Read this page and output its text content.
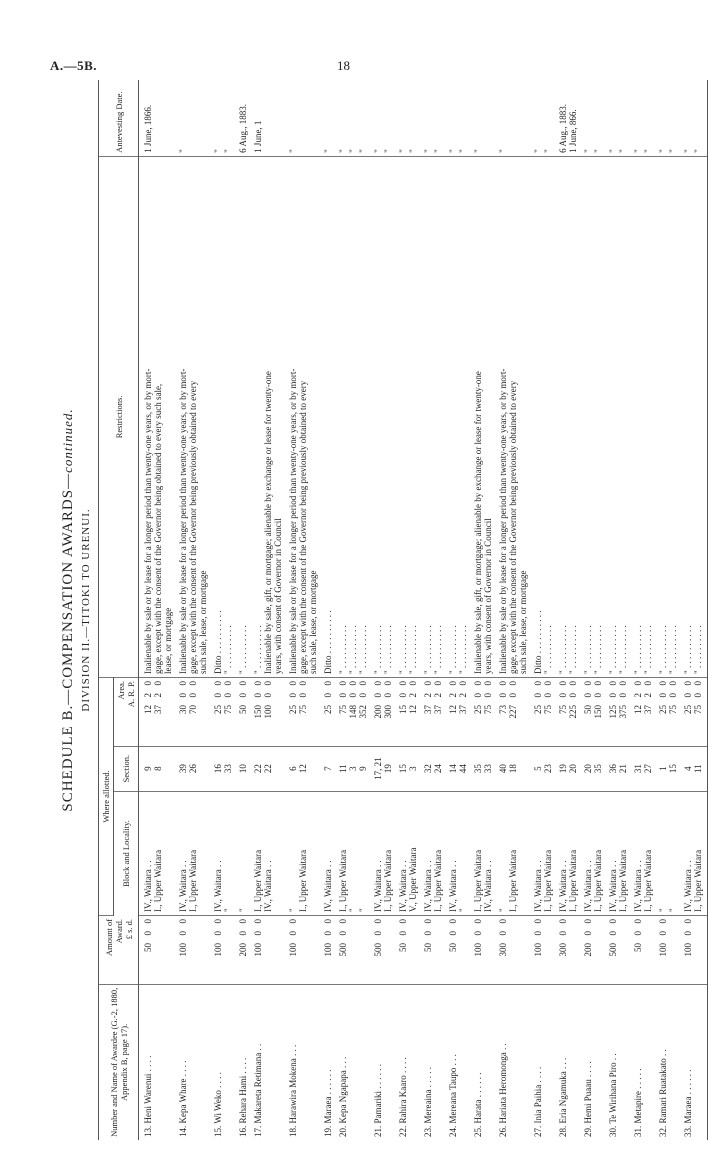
A.—5B.	18
SCHEDULE B.—COMPENSATION AWARDS—continued.
DIVISION II.—TITOKI TO URENUI.
Number and Name of Awardee (G.-2, 1880, Appendix B, page 17).	Amount of Award. £ s. d.	Where allotted.			Restrictions.	Antevesting Date.
		Block and Locality.	Section.	Area. A. R. P.		

13. Heni Warenui . . . .	5000	IV., Waitara . .	9	1220	Inalienable by sale or by lease for a longer period than twenty-one years, or by mort-	1 June, 1866.
		I., Upper Waitara	8	3720	gage, except with the consent of the Governor being obtained to every such sale,	
					lease, or mortgage	
14. Kepa Whare . . . .	10000	IV., Waitara . .	39	3000	Inalienable by sale or by lease for a longer period than twenty-one years, or by mort-	"
		I., Upper Waitara	26	7000	gage, except with the consent of the Governor being previously obtained to every	
					such sale, lease, or mortgage	
15. Wi Weko . . . .	10000	IV., Waitara . .	16	2500	Ditto . . . . . . . . . .	"
		"	33	7500	" . . . . . . . . . .	"
16. Rehara Hami . . . .	20000	"	10	5000	" . . . . . . . . . .	6 Aug., 1883.
17. Makareta Retimana . .	10000	I., Upper Waitara	22	15000	" . . . . . . . . . .	1 June, 1
		IV., Waitara . .	22	10000	Inalienable by sale, gift, or mortgage; alienable by exchange or lease for twenty-one	
					years, with consent of Governor in Council	
18. Harawira Mokena . . .	10000	"	6	2500	Inalienable by sale or by lease for a longer period than twenty-one years, or by mort-	"
		I., Upper Waitara	12	7500	gage, except with the consent of the Governor being previously obtained to every	
					such sale, lease, or mortgage	
19. Maraea . . . . . .	10000	IV., Waitara . .	7	2500	Ditto . . . . . . . . . .	"
20. Kepa Ngapapa . . .	50000	I., Upper Waitara	11	7500	" . . . . . . . . . .	"
		"	3	14800	" . . . . . . . . . .	"
		"	9	35200	" . . . . . . . . . .	"
21. Pamariki . . . . . .	50000	IV., Waitara . .	17, 21	20000	" . . . . . . . . . .	"
		I., Upper Waitara	19	30000	" . . . . . . . . . .	"
22. Rahira Kaaro . . . .	5000	IV., Waitara . .	15	1500	" . . . . . . . . . .	"
		V., Upper Waitara	3	1220	" . . . . . . . . . .	"
23. Mereaina . . . . .	5000	IV., Waitara . .	32	3720	" . . . . . . . . . .	"
		I., Upper Waitara	24	3720	" . . . . . . . . . .	"
24. Mereana Taupo . . .	5000	IV., Waitara . .	14	1220	" . . . . . . . . . .	"
		"	44	3720	" . . . . . . . . . .	"
25. Harata . . . . . .	10000	I., Upper Waitara	35	2500	Inalienable by sale, gift, or mortgage; alienable by exchange or lease for twenty-one	"
		IV., Waitara . .	33	7500	years, with consent of Governor in Council	
26. Hariata Heromonga . .	30000	"	40	7300	Inalienable by sale or by lease for a longer period than twenty-one years, or by mort-	"
		I., Upper Waitara	18	22700	gage, except with the consent of the Governor being previously obtained to every	
					such sale, lease, or mortgage	
27. Inia Paihia . . . .	10000	IV., Waitara . .	5	2500	Ditto . . . . . . . . . .	"
		I., Upper Waitara	23	7500	" . . . . . . . . . .	"
28. Eria Ngamuka . . .	30000	IV., Waitara . .	19	7500	" . . . . . . . . . .	6 Aug., 1883.
		I., Upper Waitara	20	22500	" . . . . . . . . . .	1 June, 866.
29. Hemi Puaau . . . .	20000	IV., Waitara . .	20	5000	" . . . . . . . . . .	"
		I., Upper Waitara	35	15000	" . . . . . . . . . .	"
30. Te Wirihana Piro . .	50000	IV., Waitara . .	36	12500	" . . . . . . . . . .	"
		I., Upper Waitara	21	37500	" . . . . . . . . . .	"
31. Metapire . . . . .	5000	IV., Waitara . .	31	1220	" . . . . . . . . . .	"
		I., Upper Waitara	27	3720	" . . . . . . . . . .	"
32. Ramari Ruatakato . .	10000	"	1	2500	" . . . . . . . . . .	"
		"	15	7500	" . . . . . . . . . .	"
33. Maraea . . . . . .	10000	IV., Waitara . .	4	2500	" . . . . . . . . . .	"
		I., Upper Waitara	11	7500	" . . . . . . . . . .	"
